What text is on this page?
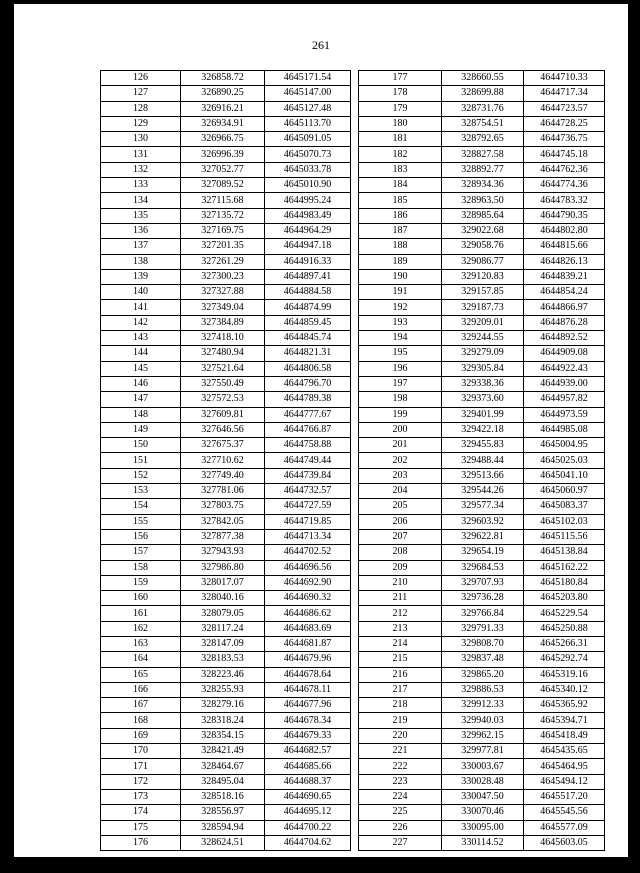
261
126	326858.72	4645171.54
127	326890.25	4645147.00
128	326916.21	4645127.48
129	326934.91	4645113.70
130	326966.75	4645091.05
131	326996.39	4645070.73
132	327052.77	4645033.78
133	327089.52	4645010.90
134	327115.68	4644995.24
135	327135.72	4644983.49
136	327169.75	4644964.29
137	327201.35	4644947.18
138	327261.29	4644916.33
139	327300.23	4644897.41
140	327327.88	4644884.58
141	327349.04	4644874.99
142	327384.89	4644859.45
143	327418.10	4644845.74
144	327480.94	4644821.31
145	327521.64	4644806.58
146	327550.49	4644796.70
147	327572.53	4644789.38
148	327609.81	4644777.67
149	327646.56	4644766.87
150	327675.37	4644758.88
151	327710.62	4644749.44
152	327749.40	4644739.84
153	327781.06	4644732.57
154	327803.75	4644727.59
155	327842.05	4644719.85
156	327877.38	4644713.34
157	327943.93	4644702.52
158	327986.80	4644696.56
159	328017.07	4644692.90
160	328040.16	4644690.32
161	328079.05	4644686.62
162	328117.24	4644683.69
163	328147.09	4644681.87
164	328183.53	4644679.96
165	328223.46	4644678.64
166	328255.93	4644678.11
167	328279.16	4644677.96
168	328318.24	4644678.34
169	328354.15	4644679.33
170	328421.49	4644682.57
171	328464.67	4644685.66
172	328495.04	4644688.37
173	328518.16	4644690.65
174	328556.97	4644695.12
175	328594.94	4644700.22
176	328624.51	4644704.62
177	328660.55	4644710.33
178	328699.88	4644717.34
179	328731.76	4644723.57
180	328754.51	4644728.25
181	328792.65	4644736.75
182	328827.58	4644745.18
183	328892.77	4644762.36
184	328934.36	4644774.36
185	328963.50	4644783.32
186	328985.64	4644790.35
187	329022.68	4644802.80
188	329058.76	4644815.66
189	329086.77	4644826.13
190	329120.83	4644839.21
191	329157.85	4644854.24
192	329187.73	4644866.97
193	329209.01	4644876.28
194	329244.55	4644892.52
195	329279.09	4644909.08
196	329305.84	4644922.43
197	329338.36	4644939.00
198	329373.60	4644957.82
199	329401.99	4644973.59
200	329422.18	4644985.08
201	329455.83	4645004.95
202	329488.44	4645025.03
203	329513.66	4645041.10
204	329544.26	4645060.97
205	329577.34	4645083.37
206	329603.92	4645102.03
207	329622.81	4645115.56
208	329654.19	4645138.84
209	329684.53	4645162.22
210	329707.93	4645180.84
211	329736.28	4645203.80
212	329766.84	4645229.54
213	329791.33	4645250.88
214	329808.70	4645266.31
215	329837.48	4645292.74
216	329865.20	4645319.16
217	329886.53	4645340.12
218	329912.33	4645365.92
219	329940.03	4645394.71
220	329962.15	4645418.49
221	329977.81	4645435.65
222	330003.67	4645464.95
223	330028.48	4645494.12
224	330047.50	4645517.20
225	330070.46	4645545.56
226	330095.00	4645577.09
227	330114.52	4645603.05
